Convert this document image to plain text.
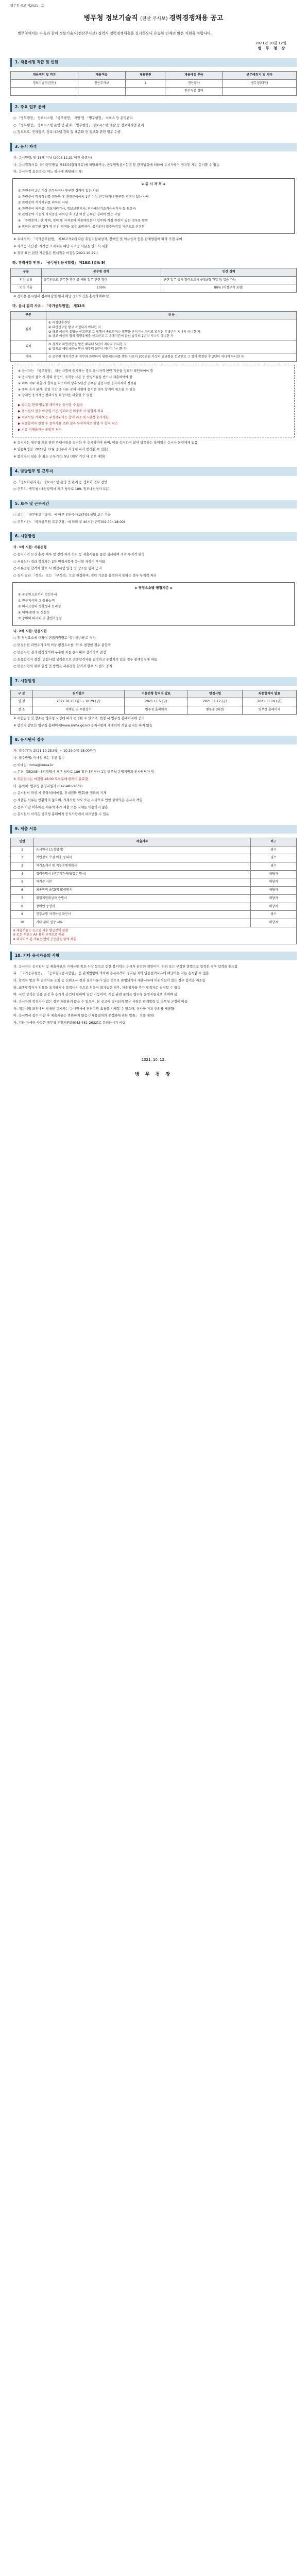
병무청 공고 제2021 - 호
병무청 정보기술직 (전산 주사보) 경력경쟁채용 공고
병무청에서는 다음과 같이 정보기술직(전산주사보) 경력직 경력경쟁채용을 실시하오니 유능한 인재의 많은 지원을 바랍니다.
2021년 10월 12일
병 무 청 장
1. 채용예정 직급 및 인원
채용직위 및 직류	채용직급	채용인원	채용예정 분야	근무예정지 및 기타
정보기술직(전산)	전산주사보	1	전산분야	병무청(대전)
			전산직렬 경력	
2. 주요 업무 분야

○ 「병무행정」 정보시스템 「병무행정」 개발 및 「병무행정」 서비스 등 운영관리

○ 「병무행정」 정보시스템 운영 및 관리 「병무행정」 정보시스템 개발 등 정보화사업 관리

○ 정보보호, 전자정부, 정보시스템 감리 및 표준화 등 정보화 관련 업무 수행

3. 응시 자격

가. 응시연령: 만 18세 이상 (2003.12.31 이전 출생자)

나. 응시결격사유: 국가공무원법 제33조(결격사유)에 해당하거나, 공무원임용시험령 등 관계법령에 의하여 응시자격이 정지된 자는 응시할 수 없음

다. 응시자격 요건(다음 어느 하나에 해당하는 자)

◈ 응 시 자 격 ◈

① 관련분야 2년 이상 근무하거나 연구한 경력이 있는 사람

② 관련분야 학사학위를 취득한 후 관련분야에서 1년 이상 근무하거나 연구한 경력이 있는 사람

③ 관련분야 석사학위를 취득한 사람

④ 관련분야 자격증: 정보처리기사, 정보보안기사, 전자계산기조직응용기사 등 보유자

⑤ 관련분야 기능사 자격증을 취득한 후 2년 이상 근무한 경력이 있는 사람

※ 「관련분야」란 학력, 경력 및 자격증이 채용예정분야 업무와 직접 관련이 있는 경우를 말함

※ 경력은 공무원 경력 및 민간 경력을 모두 포함하며, 응시원서 접수마감일 기준으로 산정함

※ 우대자격: 「국가공무원법」 제36조의2에 따른 취업지원대상자, 장애인 및 의사상자 등은 관계법령에 따라 가점 부여

※ 자격증 가산점: 자격증 소지자는 해당 자격증 사본을 반드시 제출

※ 경력 요건 판단 기준일은 원서접수 마감일(2021.10.29.)

라. 경력사항 인정 : 「공무원임용시험령」 제16조 [별표 9]
구분	공무원 경력	민간 경력
인정 범위	공무원으로 근무한 경력 중 해당 업무 관련 경력	관련 업무 종사 경력으로서 4대보험 가입 등 입증 가능
인정 비율	100%	80% (비정규직 포함)

※ 경력은 응시원서 접수마감일 현재 해당 경력요건을 충족하여야 함

마. 응시 결격 사유 : 「국가공무원법」 제33조
구분	내 용
결격	① 피성년후견인
② 파산선고를 받고 복권되지 아니한 자
③ 금고 이상의 실형을 선고받고 그 집행이 종료되거나 집행을 받지 아니하기로 확정된 후 5년이 지나지 아니한 자
④ 금고 이상의 형의 집행유예를 선고받고 그 유예기간이 끝난 날부터 2년이 지나지 아니한 자
퇴직	⑤ 징계로 파면처분을 받은 때부터 5년이 지나지 아니한 자
⑥ 징계로 해임처분을 받은 때부터 3년이 지나지 아니한 자
기타	⑦ 공무원 재직기간 중 직무와 관련하여 횡령·배임죄를 범한 자로서 300만원 이상의 벌금형을 선고받고 그 형이 확정된 후 2년이 지나지 아니한 자

※ 응시자는 「병무행정」 채용 시험에 응시하는 경우 응시자격 판단 기준을 정확히 확인하여야 함

※ 응시원서 접수 시 경력 증명서, 자격증 사본 등 증빙서류를 반드시 제출하여야 함

※ 허위 서류 제출 시 합격을 취소하며 향후 5년간 공무원 임용시험 응시자격이 정지됨

※ 중복 응시 불가: 동일 기간 중 다른 공채 시험에 응시한 경우 합격이 취소될 수 있음

※ 장애인 응시자는 편의지원 요청서를 제출할 수 있음

▶ 공고일 현재 병무청 재직자는 응시할 수 없음

▶ 응시원서 접수 마감일 기준 경력요건 미충족 시 불합격 처리

▶ 허위사실 기재 또는 부정행위자는 합격 취소 및 5년간 응시제한

▶ 최종합격자 결정 후 결격사유 조회 결과 부적격자로 판명 시 합격 취소

▶ 서류 미제출자는 불합격 처리

※ 응시자는 병무청 채용 관련 안내사항을 숙지한 후 응시하여야 하며, 이를 숙지하지 않아 발생하는 불이익은 응시자 본인에게 있음

※ 임용예정일: 2021년 12월 중 (부서 사정에 따라 변경될 수 있음)

※ 합격자의 임용 후 최소 근무기간: 5년 (해당 기간 내 전보 제한)

4. 담당업무 및 근무지

○ 「정보화관리과」 정보시스템 운영 및 관리 등 정보화 업무 전반

○ 근무지: 병무청 (대전광역시 서구 청사로 189, 정부대전청사 1동)

5. 보수 및 근무시간

○ 보수: 「공무원보수규정」에 따른 전산주사보(7급) 상당 보수 지급

○ 근무시간: 「국가공무원 복무규정」에 따라 주 40시간 근무(09:00~18:00)

6. 시험방법

가. 1차 시험: 서류전형

○ 응시자격 요건 충족 여부 및 경력·자격·학력 등 제출서류를 종합 심사하여 적격·부적격 판정

○ 서류심사 결과 적격자는 2차 면접시험에 응시할 자격이 부여됨

○ 서류전형 합격자 발표 시 면접시험 일정 및 장소를 함께 공지

○ 심사 결과 「적격」 또는 「부적격」으로 판정하며, 경력 기준을 충족하지 못하는 경우 부적격 처리

◈ 평정요소별 평정기준 ◈

① 공무원으로서의 정신자세

② 전문지식과 그 응용능력

③ 의사표현의 정확성과 논리성

④ 예의·품행 및 성실성

⑤ 창의력·의지력 및 발전가능성

나. 2차 시험: 면접시험

○ 위 평정요소에 대하여 면접위원별로 '상','중','하'로 평정

○ 면접위원 과반수가 2개 이상 평정요소를 '하'로 평정한 경우 불합격

○ 면접시험 결과 평정성적이 우수한 자를 순서대로 합격자로 결정

○ 최종합격자 결정: 면접시험 성적순으로 최종합격자를 결정하고 동점자가 있을 경우 관계법령에 따름

○ 면접시험의 세부 일정 및 방법은 서류전형 합격자 발표 시 별도 공지

7. 시험일정
구 분	원서접수	서류전형 합격자 발표	면접시험	최종합격자 발표
일 정	2021.10.25.(월) ~ 10.29.(금)	2021.11.5.(금)	2021.11.12.(금)	2021.11.19.(금)
장 소	이메일 및 우편접수	병무청 홈페이지	병무청 (대전)	병무청 홈페이지

※ 시험일정 및 장소는 병무청 사정에 따라 변경될 수 있으며, 변경 시 병무청 홈페이지에 공지

※ 합격자 발표는 병무청 홈페이지(www.mma.go.kr) 공지사항에 게재하며 개별 통지는 하지 않음

8. 응시원서 접수

가. 접수기간: 2021.10.25.(월) ~ 10.29.(금) 18:00까지

나. 접수방법: 이메일 또는 우편 접수

○ 이메일: mma@korea.kr

○ 우편: (35208) 대전광역시 서구 청사로 189 정부대전청사 1동 병무청 운영지원과 인사담당자 앞

※ 우편접수는 마감일 18:00 도착분에 한하여 유효함

다. 문의처: 병무청 운영지원과 (042-481-2632)

○ 응시원서 작성 시 연락처(이메일, 휴대전화 번호)를 정확히 기재

○ 제출된 서류는 반환하지 않으며, 기재사항 착오 또는 누락으로 인한 불이익은 응시자 책임

○ 접수 마감 이후에는 서류의 추가 제출 또는 교체를 허용하지 않음

○ 응시원서 서식은 병무청 홈페이지 공지사항에서 내려받을 수 있음

9. 제출 서류
연번	제출서류	비고
1	응시원서 (소정양식)	필수
2	개인정보 수집·이용 동의서	필수
3	자기소개서 및 직무수행계획서	필수
4	경력증명서 (근무기간·담당업무 명시)	해당자
5	자격증 사본	해당자
6	최종학력 졸업(학위)증명서	해당자
7	취업지원대상자 증명서	해당자
8	장애인 증명서	해당자
9	건강보험 자격득실 확인서	필수
10	기타 경력 입증 서류	해당자

※ 제출서류는 공고일 이후 발급분에 한함
※ 모든 서류는 A4 용지 규격으로 제출
※ 외국어로 된 서류는 번역 공증본을 함께 제출		
10. 기타 응시자유의 사항

가. 응시자는 응시원서 및 제출서류의 기재사항 착오·누락 등으로 인한 불이익은 응시자 본인의 책임이며, 허위 또는 부정한 방법으로 합격한 경우 합격을 취소함

나. 「국가공무원법」, 「공무원임용시험령」 등 관계법령에 의하여 응시자격이 정지된 자와 임용결격사유에 해당하는 자는 응시할 수 없음

다. 합격자 발표 후 결격사유 조회 등 신원조사 결과 결격사유가 있는 것으로 판명되거나 제출서류에 허위사실이 있는 경우 합격을 취소함

라. 최종합격자가 임용을 포기하거나 결격사유 등으로 임용이 불가능한 경우, 차순위자를 추가 합격자로 결정할 수 있음

마. 시험 성적은 임용 결정 후 응시자 본인에 한하여 열람 가능하며, 시험 관련 문의는 병무청 운영지원과로 하여야 함

바. 응시자의 적격자가 없는 경우 채용하지 않을 수 있으며, 본 공고에 명시되지 않은 사항은 관계법령 및 병무청 규정에 따름

사. 채용시험 과정에서 장애인 응시자는 응시원서에 편의지원 요청을 기재할 수 있으며, 심사를 거쳐 편의를 제공함

아. 응시원서 접수 마감 후 제출서류는 반환하지 않음 (「채용절차의 공정화에 관한 법률」 적용 제외)

자. 기타 자세한 사항은 병무청 운영지원과(042-481-2632)로 문의하시기 바람

2021. 10. 12.
병 무 청 장
